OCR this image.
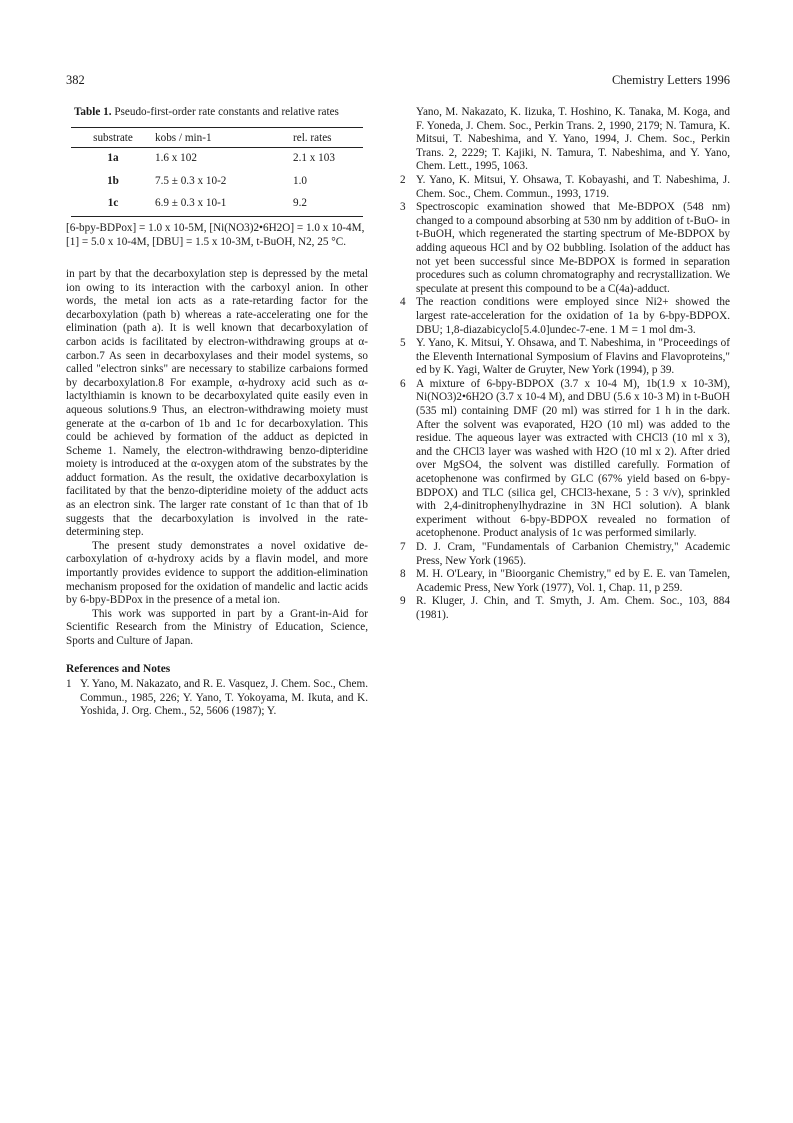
382	Chemistry Letters 1996
Table 1. Pseudo-first-order rate constants and relative rates
substrate	kobs / min-1	rel. rates
1a	1.6 x 102	2.1 x 103
1b	7.5 ± 0.3 x 10-2	1.0
1c	6.9 ± 0.3 x 10-1	9.2
[6-bpy-BDPox] = 1.0 x 10-5M, [Ni(NO3)2•6H2O] = 1.0 x 10-4M,
[1] = 5.0 x 10-4M, [DBU] = 1.5 x 10-3M, t-BuOH, N2, 25 °C.

in part by that the decarboxylation step is depressed by the metal ion owing to its interaction with the carboxyl anion. In other words, the metal ion acts as a rate-retarding factor for the decarboxylation (path b) whereas a rate-accelerating one for the elimination (path a). It is well known that decarboxylation of carbon acids is facilitated by electron-withdrawing groups at α-carbon.7 As seen in decarboxylases and their model systems, so called "electron sinks" are necessary to stabilize carbaions formed by decarboxylation.8 For example, α-hydroxy acid such as α-lactylthiamin is known to be decarboxylated quite easily even in aqueous solutions.9 Thus, an electron-withdrawing moiety must generate at the α-carbon of 1b and 1c for decarboxylation. This could be achieved by formation of the adduct as depicted in Scheme 1. Namely, the electron-withdrawing benzo-dipteridine moiety is introduced at the α-oxygen atom of the substrates by the adduct formation. As the result, the oxidative decarboxylation is facilitated by that the benzo-dipteridine moiety of the adduct acts as an electron sink. The larger rate constant of 1c than that of 1b suggests that the decarboxylation is involved in the rate-determining step.

The present study demonstrates a novel oxidative de-carboxylation of α-hydroxy acids by a flavin model, and more importantly provides evidence to support the addition-elimination mechanism proposed for the oxidation of mandelic and lactic acids by 6-bpy-BDPox in the presence of a metal ion.

This work was supported in part by a Grant-in-Aid for Scientific Research from the Ministry of Education, Science, Sports and Culture of Japan.

References and Notes

1 Y. Yano, M. Nakazato, and R. E. Vasquez, J. Chem. Soc., Chem. Commun., 1985, 226; Y. Yano, T. Yokoyama, M. Ikuta, and K. Yoshida, J. Org. Chem., 52, 5606 (1987); Y.

Yano, M. Nakazato, K. Iizuka, T. Hoshino, K. Tanaka, M. Koga, and F. Yoneda, J. Chem. Soc., Perkin Trans. 2, 1990, 2179; N. Tamura, K. Mitsui, T. Nabeshima, and Y. Yano, 1994, J. Chem. Soc., Perkin Trans. 2, 2229; T. Kajiki, N. Tamura, T. Nabeshima, and Y. Yano, Chem. Lett., 1995, 1063.

2 Y. Yano, K. Mitsui, Y. Ohsawa, T. Kobayashi, and T. Nabeshima, J. Chem. Soc., Chem. Commun., 1993, 1719.

3 Spectroscopic examination showed that Me-BDPOX (548 nm) changed to a compound absorbing at 530 nm by addition of t-BuO- in t-BuOH, which regenerated the starting spectrum of Me-BDPOX by adding aqueous HCl and by O2 bubbling. Isolation of the adduct has not yet been successful since Me-BDPOX is formed in separation procedures such as column chromatography and recrystallization. We speculate at present this compound to be a C(4a)-adduct.

4 The reaction conditions were employed since Ni2+ showed the largest rate-acceleration for the oxidation of 1a by 6-bpy-BDPOX. DBU; 1,8-diazabicyclo[5.4.0]undec-7-ene. 1 M = 1 mol dm-3.

5 Y. Yano, K. Mitsui, Y. Ohsawa, and T. Nabeshima, in "Proceedings of the Eleventh International Symposium of Flavins and Flavoproteins," ed by K. Yagi, Walter de Gruyter, New York (1994), p 39.

6 A mixture of 6-bpy-BDPOX (3.7 x 10-4 M), 1b(1.9 x 10-3M), Ni(NO3)2•6H2O (3.7 x 10-4 M), and DBU (5.6 x 10-3 M) in t-BuOH (535 ml) containing DMF (20 ml) was stirred for 1 h in the dark. After the solvent was evaporated, H2O (10 ml) was added to the residue. The aqueous layer was extracted with CHCl3 (10 ml x 3), and the CHCl3 layer was washed with H2O (10 ml x 2). After dried over MgSO4, the solvent was distilled carefully. Formation of acetophenone was confirmed by GLC (67% yield based on 6-bpy-BDPOX) and TLC (silica gel, CHCl3-hexane, 5 : 3 v/v), sprinkled with 2,4-dinitrophenylhydrazine in 3N HCl solution). A blank experiment without 6-bpy-BDPOX revealed no formation of acetophenone. Product analysis of 1c was performed similarly.

7 D. J. Cram, "Fundamentals of Carbanion Chemistry," Academic Press, New York (1965).

8 M. H. O'Leary, in "Bioorganic Chemistry," ed by E. E. van Tamelen, Academic Press, New York (1977), Vol. 1, Chap. 11, p 259.

9 R. Kluger, J. Chin, and T. Smyth, J. Am. Chem. Soc., 103, 884 (1981).
